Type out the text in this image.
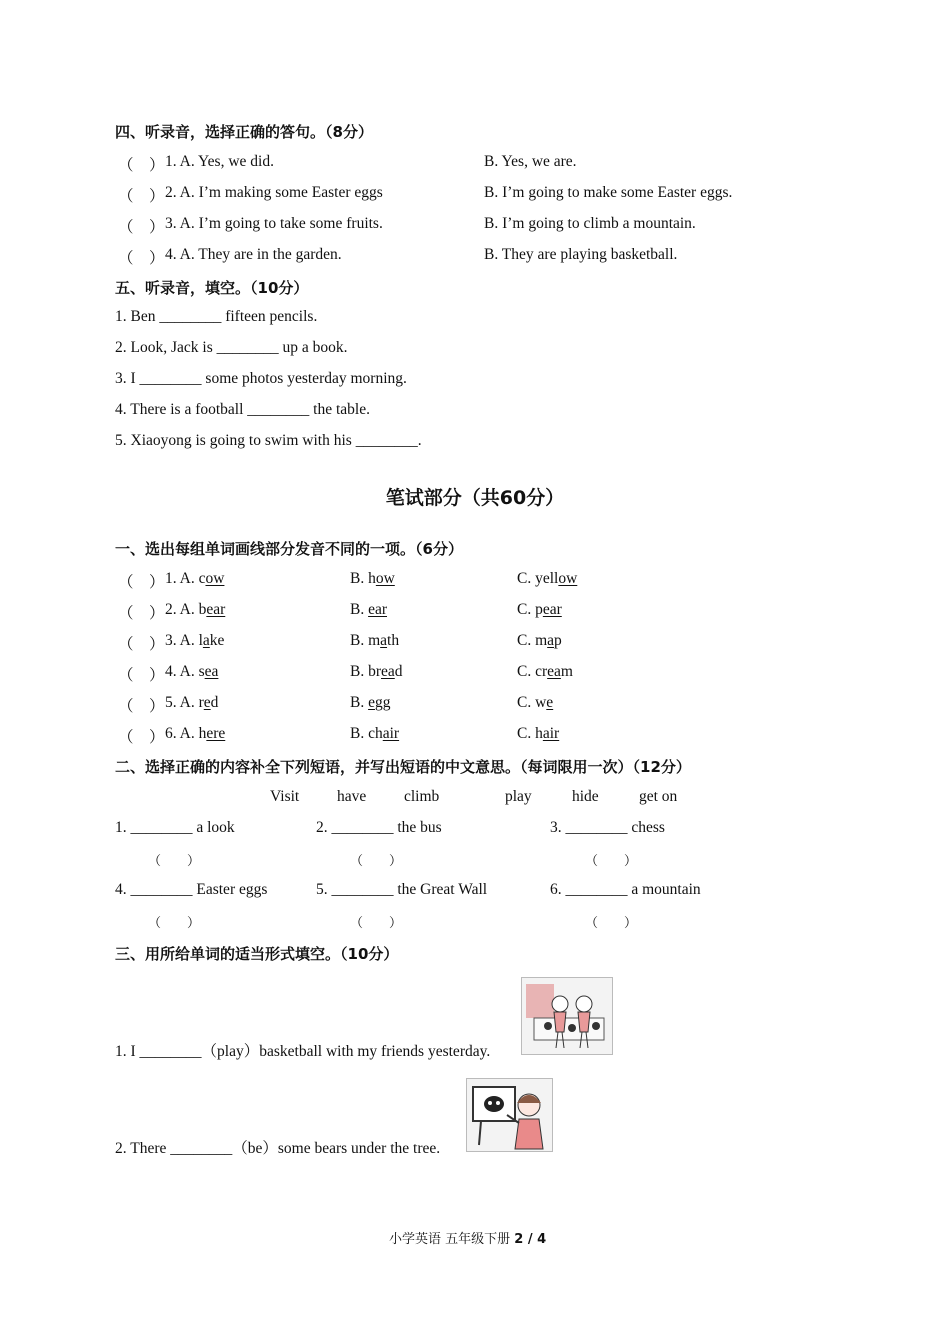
四、听录音，选择正确的答句。（8分）
（　） 1. A. Yes, we did.	B. Yes, we are.
（　） 2. A. I’m making some Easter eggs	B. I’m going to make some Easter eggs.
（　） 3. A. I’m going to take some fruits.	B. I’m going to climb a mountain.
（　） 4. A. They are in the garden.	B. They are playing basketball.
五、听录音，填空。（10分）
1. Ben ________ fifteen pencils.
2. Look, Jack is ________ up a book.
3. I ________ some photos yesterday morning.
4. There is a football ________ the table.
5. Xiaoyong is going to swim with his ________.
笔试部分（共60分）
一、选出每组单词画线部分发音不同的一项。（6分）
（　） 1. A. cow	B. how	C. yellow
（　） 2. A. bear	B. ear	C. pear
（　） 3. A. lake	B. math	C. map
（　） 4. A. sea	B. bread	C. cream
（　） 5. A. red	B. egg	C. we
（　） 6. A. here	B. chair	C. hair
二、选择正确的内容补全下列短语，并写出短语的中文意思。（每词限用一次）（12分）
Visit have climb	play	hide	get on
1. ________ a look	2. ________ the bus	3. ________ chess
（　　）	（　　）	（　　）
4. ________ Easter eggs	5. ________ the Great Wall	6. ________ a mountain
（　　）	（　　）	（　　）
三、用所给单词的适当形式填空。（10分）
1. I ________（play）basketball with my friends yesterday.
2. There ________（be）some bears under the tree.
小学英语 五年级下册 2 / 4
